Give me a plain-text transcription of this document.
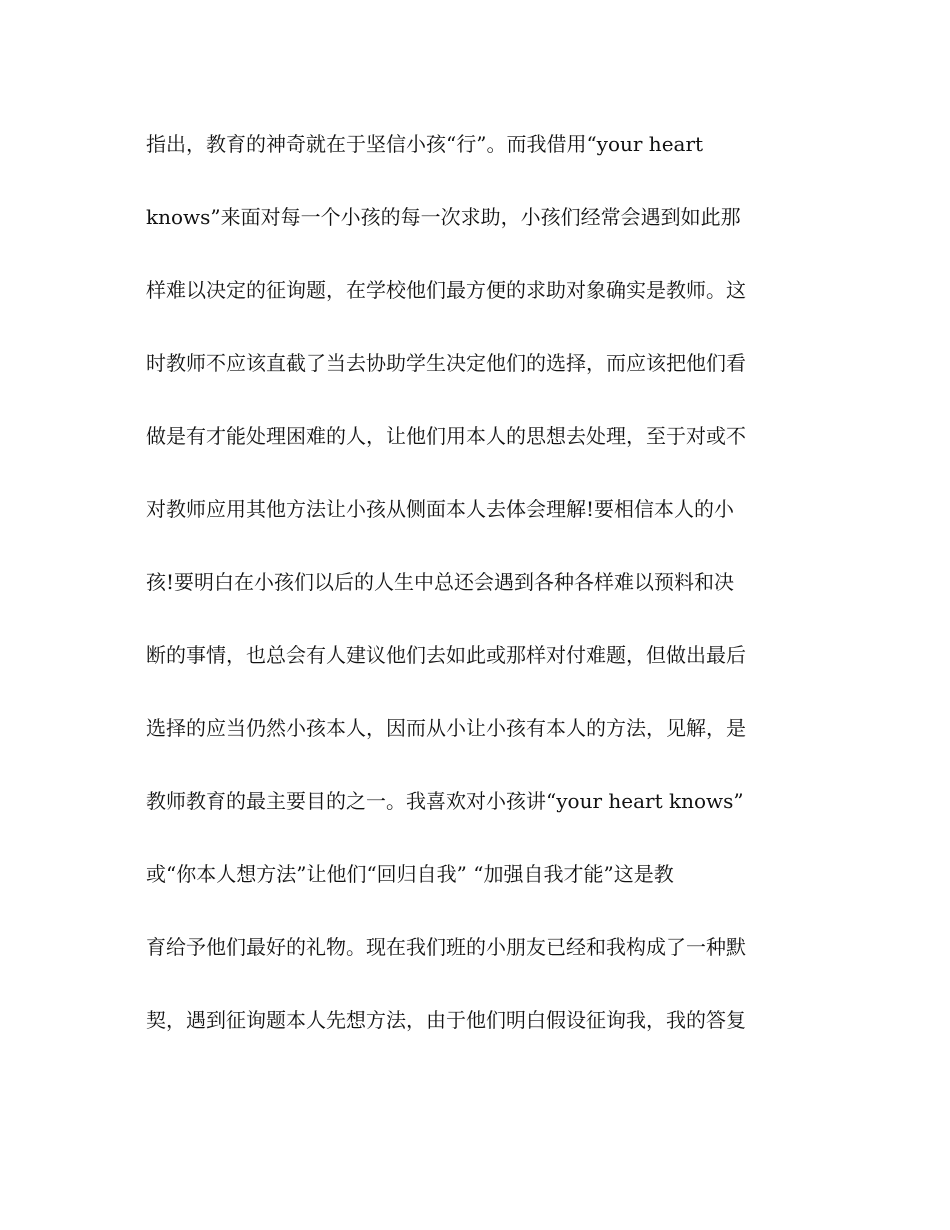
指出，教育的神奇就在于坚信小孩“行”。而我借用“your heart
knows”来面对每一个小孩的每一次求助，小孩们经常会遇到如此那
样难以决定的征询题，在学校他们最方便的求助对象确实是教师。这
时教师不应该直截了当去协助学生决定他们的选择，而应该把他们看
做是有才能处理困难的人，让他们用本人的思想去处理，至于对或不
对教师应用其他方法让小孩从侧面本人去体会理解!要相信本人的小
孩!要明白在小孩们以后的人生中总还会遇到各种各样难以预料和决
断的事情，也总会有人建议他们去如此或那样对付难题，但做出最后
选择的应当仍然小孩本人，因而从小让小孩有本人的方法，见解，是
教师教育的最主要目的之一。我喜欢对小孩讲“your heart knows”
或“你本人想方法”让他们“回归自我” “加强自我才能”这是教
育给予他们最好的礼物。现在我们班的小朋友已经和我构成了一种默
契，遇到征询题本人先想方法，由于他们明白假设征询我，我的答复
